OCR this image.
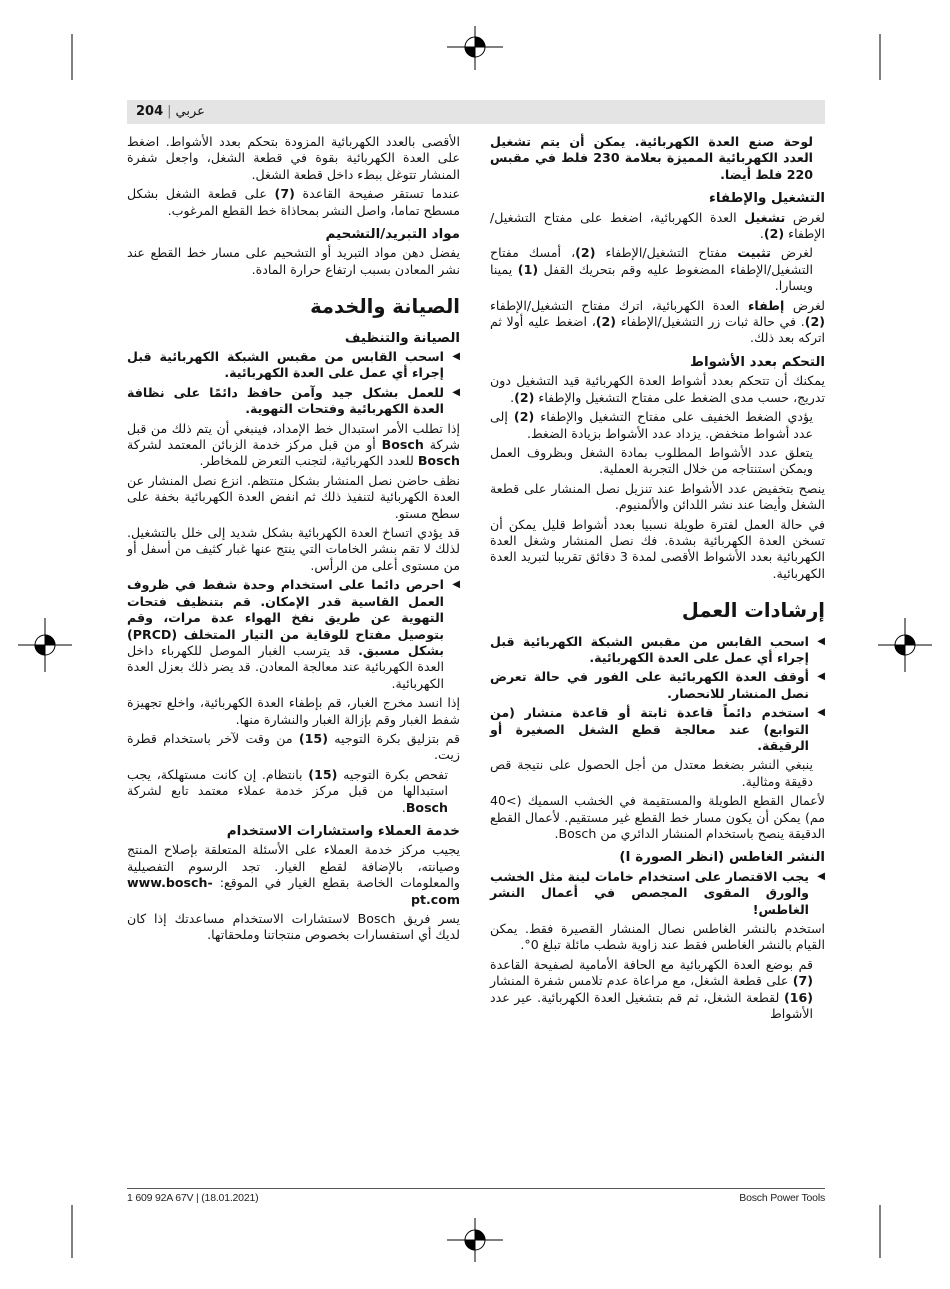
204 | عربي

لوحة صنع العدة الكهربائية. يمكن أن يتم تشغيل العدد الكهربائية المميزة بعلامة 230 فلط في مقبس 220 فلط أيضا.

التشغيل والإطفاء

لغرض تشغيل العدة الكهربائية، اضغط على مفتاح التشغيل/الإطفاء (2).

لغرض تثبيت مفتاح التشغيل/الإطفاء (2)، أمسك مفتاح التشغيل/الإطفاء المضغوط عليه وقم بتحريك القفل (1) يمينا ويسارا.

لغرض إطفاء العدة الكهربائية، اترك مفتاح التشغيل/الإطفاء (2). في حالة ثبات زر التشغيل/الإطفاء (2)، اضغط عليه أولا ثم اتركه بعد ذلك.

التحكم بعدد الأشواط

يمكنك أن تتحكم بعدد أشواط العدة الكهربائية قيد التشغيل دون تدريج، حسب مدى الضغط على مفتاح التشغيل والإطفاء (2).

يؤدي الضغط الخفيف على مفتاح التشغيل والإطفاء (2) إلى عدد أشواط منخفض. يزداد عدد الأشواط بزيادة الضغط.

يتعلق عدد الأشواط المطلوب بمادة الشغل وبظروف العمل ويمكن استنتاجه من خلال التجربة العملية.

ينصح بتخفيض عدد الأشواط عند تنزيل نصل المنشار على قطعة الشغل وأيضا عند نشر اللدائن والألمنيوم.

في حالة العمل لفترة طويلة نسبيا بعدد أشواط قليل يمكن أن تسخن العدة الكهربائية بشدة. فك نصل المنشار وشغل العدة الكهربائية بعدد الأشواط الأقصى لمدة 3 دقائق تقريبا لتبريد العدة الكهربائية.

إرشادات العمل

◀
اسحب القابس من مقبس الشبكة الكهربائية قبل إجراء أي عمل على العدة الكهربائية.

◀
أوقف العدة الكهربائية على الفور في حالة تعرض نصل المنشار للانحصار.

◀
استخدم دائماً قاعدة ثابتة أو قاعدة منشار (من التوابع) عند معالجة قطع الشغل الصغيرة أو الرقيقة.

ينبغي النشر بضغط معتدل من أجل الحصول على نتيجة قص دقيقة ومثالية.

لأعمال القطع الطويلة والمستقيمة في الخشب السميك (>40 مم) يمكن أن يكون مسار خط القطع غير مستقيم. لأعمال القطع الدقيقة ينصح باستخدام المنشار الدائري من Bosch.

النشر الغاطس (انظر الصورة I)

◀
يجب الاقتصار على استخدام خامات لينة مثل الخشب والورق المقوى المجصص في أعمال النشر الغاطس!

استخدم بالنشر الغاطس نصال المنشار القصيرة فقط. يمكن القيام بالنشر الغاطس فقط عند زاوية شطب مائلة تبلغ 0°.

قم بوضع العدة الكهربائية مع الحافة الأمامية لصفيحة القاعدة (7) على قطعة الشغل، مع مراعاة عدم تلامس شفرة المنشار (16) لقطعة الشغل، ثم قم بتشغيل العدة الكهربائية. عير عدد الأشواط

الأقصى بالعدد الكهربائية المزودة بتحكم بعدد الأشواط. اضغط على العدة الكهربائية بقوة في قطعة الشغل، واجعل شفرة المنشار تتوغل ببطء داخل قطعة الشغل.

عندما تستقر صفيحة القاعدة (7) على قطعة الشغل بشكل مسطح تماما، واصل النشر بمحاذاة خط القطع المرغوب.

مواد التبريد/التشحيم

يفضل دهن مواد التبريد أو التشحيم على مسار خط القطع عند نشر المعادن بسبب ارتفاع حرارة المادة.

الصيانة والخدمة
الصيانة والتنظيف

◀
اسحب القابس من مقبس الشبكة الكهربائية قبل إجراء أي عمل على العدة الكهربائية.

◀
للعمل بشكل جيد وآمن حافظ دائمًا على نظافة العدة الكهربائية وفتحات التهوية.

إذا تطلب الأمر استبدال خط الإمداد، فينبغي أن يتم ذلك من قبل شركة Bosch أو من قبل مركز خدمة الزبائن المعتمد لشركة Bosch للعدد الكهربائية، لتجنب التعرض للمخاطر.

نظف حاضن نصل المنشار بشكل منتظم. انزع نصل المنشار عن العدة الكهربائية لتنفيذ ذلك ثم انفض العدة الكهربائية بخفة على سطح مستو.

قد يؤدي اتساخ العدة الكهربائية بشكل شديد إلى خلل بالتشغيل. لذلك لا تقم بنشر الخامات التي ينتج عنها غبار كثيف من أسفل أو من مستوى أعلى من الرأس.

◀
احرص دائما على استخدام وحدة شفط في ظروف العمل القاسية قدر الإمكان. قم بتنظيف فتحات التهوية عن طريق نفخ الهواء عدة مرات، وقم بتوصيل مفتاح للوقاية من التيار المتخلف (PRCD) بشكل مسبق. قد يترسب الغبار الموصل للكهرباء داخل العدة الكهربائية عند معالجة المعادن. قد يضر ذلك بعزل العدة الكهربائية.

إذا انسد مخرج الغبار، قم بإطفاء العدة الكهربائية، واخلع تجهيزة شفط الغبار وقم بإزالة الغبار والنشارة منها.

قم بتزليق بكرة التوجيه (15) من وقت لآخر باستخدام قطرة زيت.

تفحص بكرة التوجيه (15) بانتظام. إن كانت مستهلكة، يجب استبدالها من قبل مركز خدمة عملاء معتمد تابع لشركة Bosch.

خدمة العملاء واستشارات الاستخدام

يجيب مركز خدمة العملاء على الأسئلة المتعلقة بإصلاح المنتج وصيانته، بالإضافة لقطع الغيار. تجد الرسوم التفصيلية والمعلومات الخاصة بقطع الغيار في الموقع: www.bosch-pt.com

يسر فريق Bosch لاستشارات الاستخدام مساعدتك إذا كان لديك أي استفسارات بخصوص منتجاتنا وملحقاتها.

1 609 92A 67V | (18.01.2021)	Bosch Power Tools
